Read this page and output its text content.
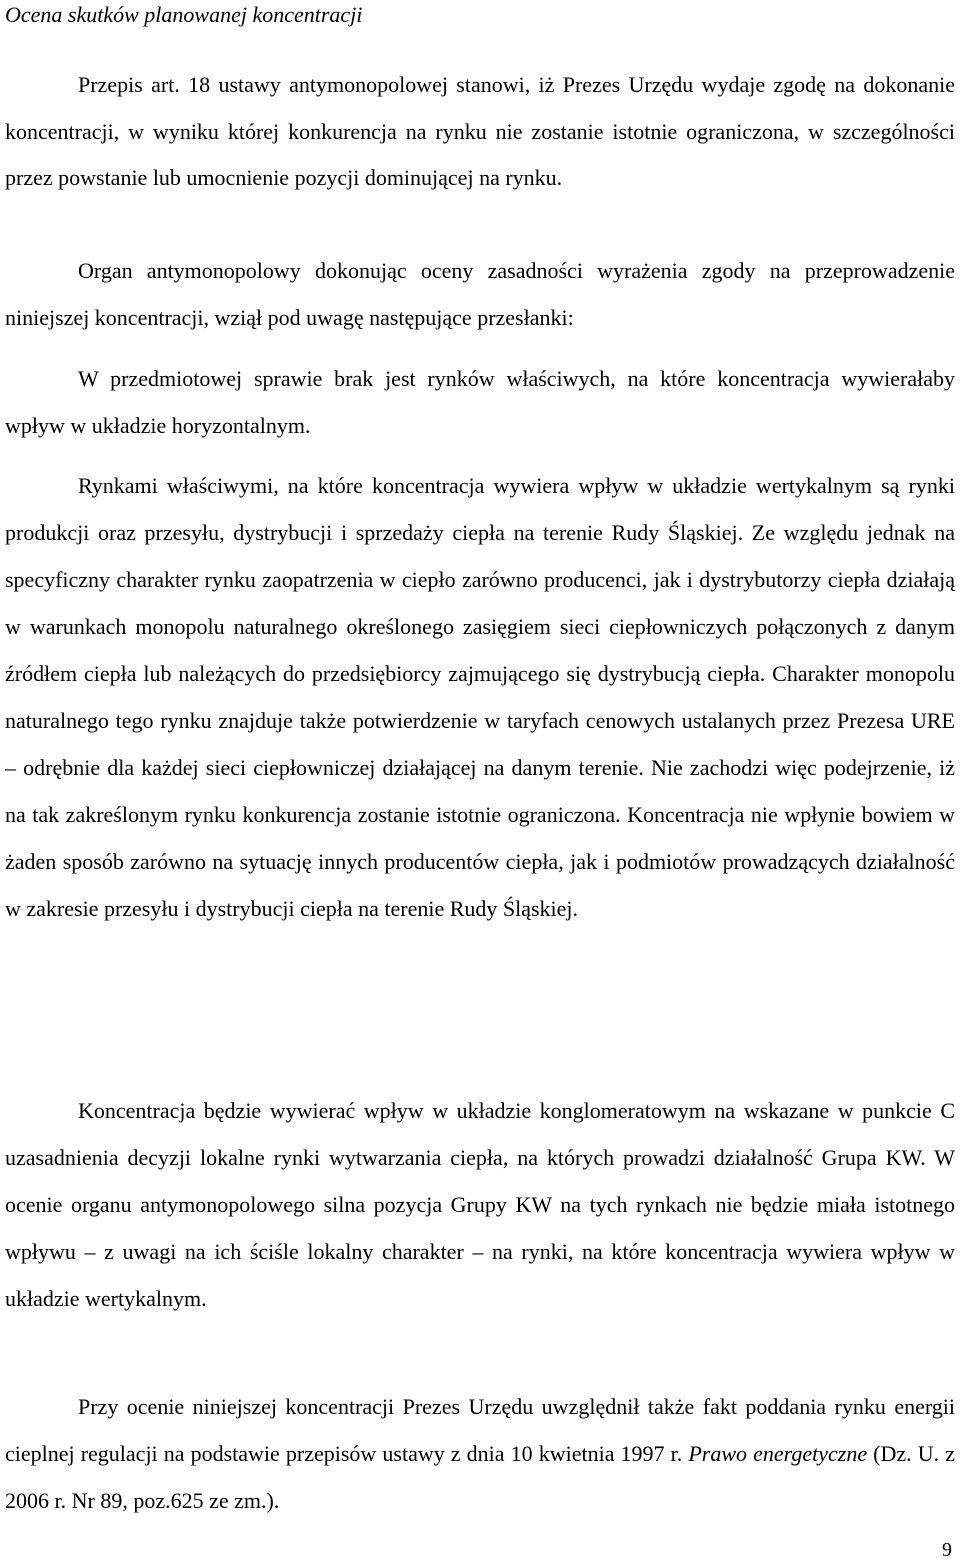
Ocena skutków planowanej koncentracji

Przepis art. 18 ustawy antymonopolowej stanowi, iż Prezes Urzędu wydaje zgodę na dokonanie koncentracji, w wyniku której konkurencja na rynku nie zostanie istotnie ograniczona, w szczególności przez powstanie lub umocnienie pozycji dominującej na rynku.

Organ antymonopolowy dokonując oceny zasadności wyrażenia zgody na przeprowadzenie niniejszej koncentracji, wziął pod uwagę następujące przesłanki:

W przedmiotowej sprawie brak jest rynków właściwych, na które koncentracja wywierałaby wpływ w układzie horyzontalnym.

Rynkami właściwymi, na które koncentracja wywiera wpływ w układzie wertykalnym są rynki produkcji oraz przesyłu, dystrybucji i sprzedaży ciepła na terenie Rudy Śląskiej. Ze względu jednak na specyficzny charakter rynku zaopatrzenia w ciepło zarówno producenci, jak i dystrybutorzy ciepła działają w warunkach monopolu naturalnego określonego zasięgiem sieci ciepłowniczych połączonych z danym źródłem ciepła lub należących do przedsiębiorcy zajmującego się dystrybucją ciepła. Charakter monopolu naturalnego tego rynku znajduje także potwierdzenie w taryfach cenowych ustalanych przez Prezesa URE – odrębnie dla każdej sieci ciepłowniczej działającej na danym terenie. Nie zachodzi więc podejrzenie, iż na tak zakreślonym rynku konkurencja zostanie istotnie ograniczona. Koncentracja nie wpłynie bowiem w żaden sposób zarówno na sytuację innych producentów ciepła, jak i podmiotów prowadzących działalność w zakresie przesyłu i dystrybucji ciepła na terenie Rudy Śląskiej.

Koncentracja będzie wywierać wpływ w układzie konglomeratowym na wskazane w punkcie C uzasadnienia decyzji lokalne rynki wytwarzania ciepła, na których prowadzi działalność Grupa KW. W ocenie organu antymonopolowego silna pozycja Grupy KW na tych rynkach nie będzie miała istotnego wpływu – z uwagi na ich ściśle lokalny charakter – na rynki, na które koncentracja wywiera wpływ w układzie wertykalnym.

Przy ocenie niniejszej koncentracji Prezes Urzędu uwzględnił także fakt poddania rynku energii cieplnej regulacji na podstawie przepisów ustawy z dnia 10 kwietnia 1997 r. Prawo energetyczne (Dz. U. z 2006 r. Nr 89, poz.625 ze zm.).

9
